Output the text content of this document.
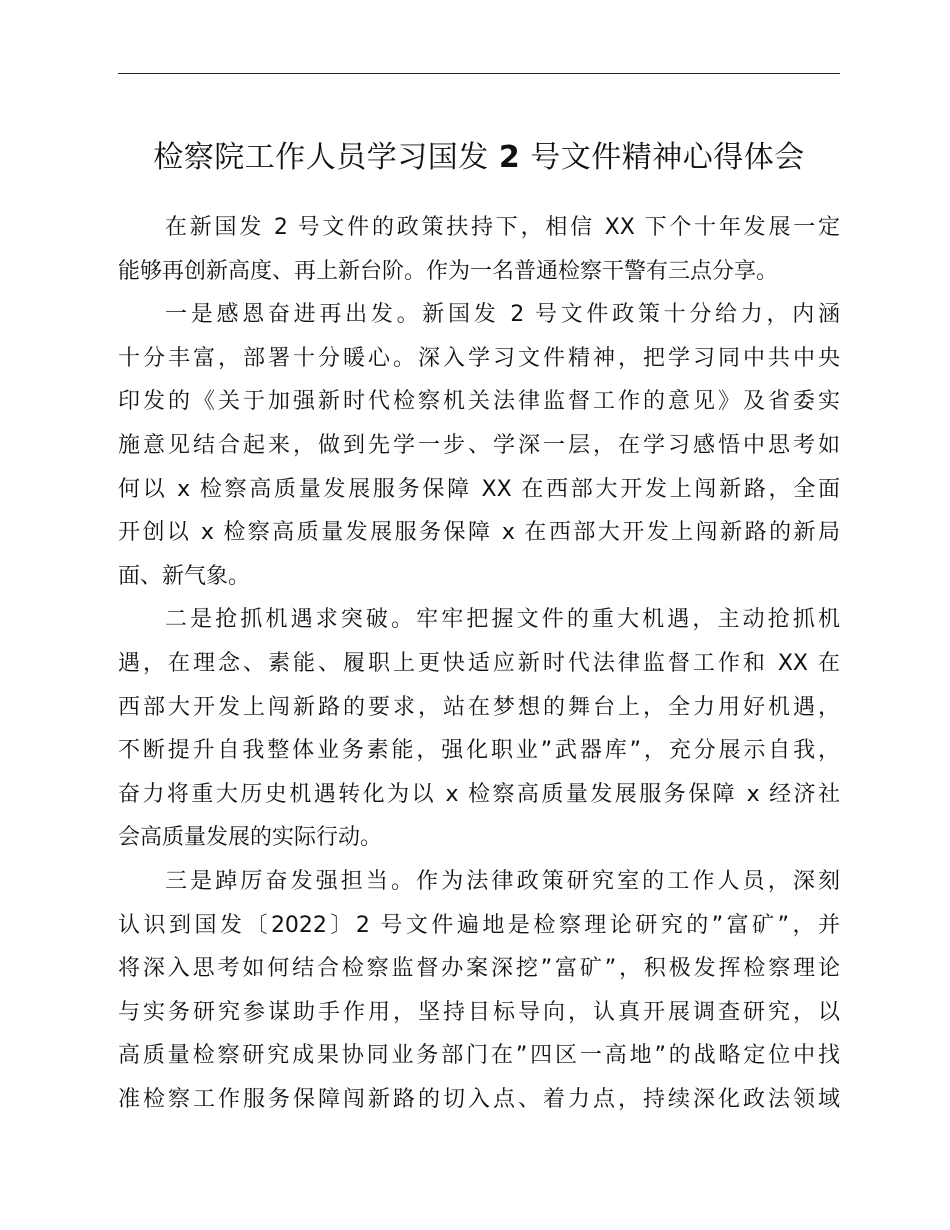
检察院工作人员学习国发 2 号文件精神心得体会

在新国发 2 号文件的政策扶持下，相信 XX 下个十年发展一定
能够再创新高度、再上新台阶。作为一名普通检察干警有三点分享。

一是感恩奋进再出发。新国发 2 号文件政策十分给力，内涵
十分丰富，部署十分暖心。深入学习文件精神，把学习同中共中央
印发的《关于加强新时代检察机关法律监督工作的意见》及省委实
施意见结合起来，做到先学一步、学深一层，在学习感悟中思考如
何以 x 检察高质量发展服务保障 XX 在西部大开发上闯新路，全面
开创以 x 检察高质量发展服务保障 x 在西部大开发上闯新路的新局
面、新气象。

二是抢抓机遇求突破。牢牢把握文件的重大机遇，主动抢抓机
遇，在理念、素能、履职上更快适应新时代法律监督工作和 XX 在
西部大开发上闯新路的要求，站在梦想的舞台上，全力用好机遇，
不断提升自我整体业务素能，强化职业”武器库”，充分展示自我，
奋力将重大历史机遇转化为以 x 检察高质量发展服务保障 x 经济社
会高质量发展的实际行动。

三是踔厉奋发强担当。作为法律政策研究室的工作人员，深刻
认识到国发〔2022〕2 号文件遍地是检察理论研究的”富矿”，并
将深入思考如何结合检察监督办案深挖”富矿”，积极发挥检察理论
与实务研究参谋助手作用，坚持目标导向，认真开展调查研究，以
高质量检察研究成果协同业务部门在”四区一高地”的战略定位中找
准检察工作服务保障闯新路的切入点、着力点，持续深化政法领域
